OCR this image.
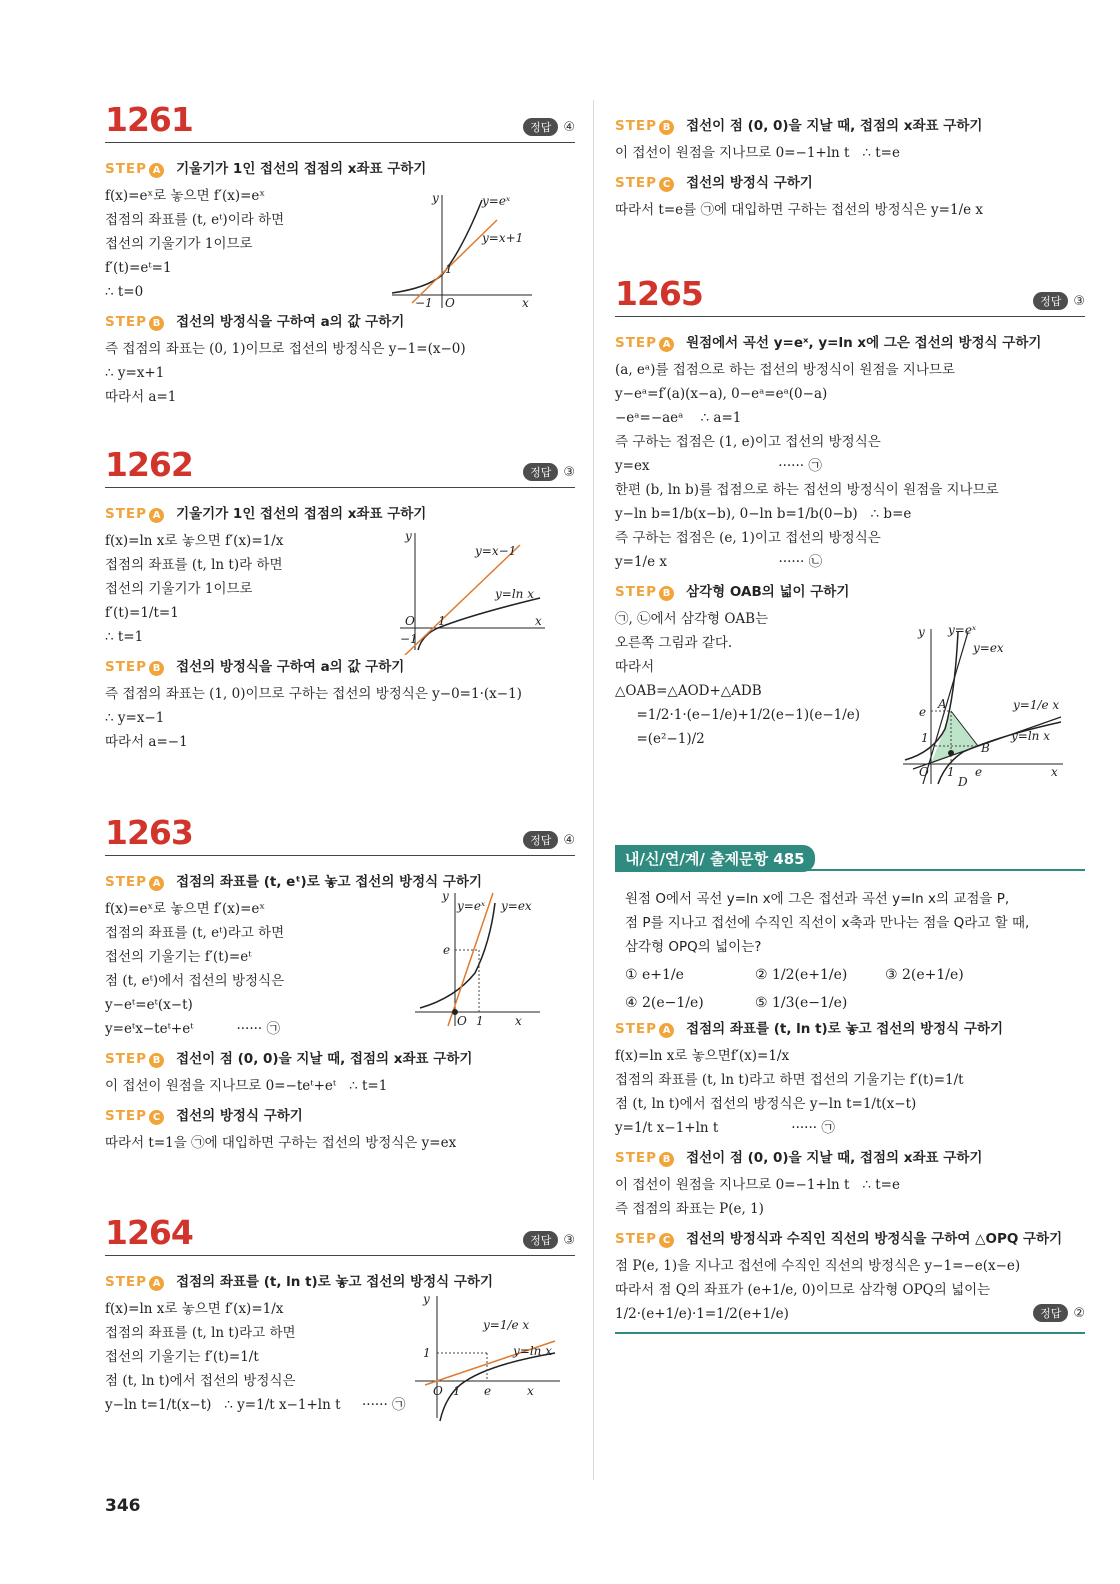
1261	정답 ④
STEP A 기울기가 1인 접선의 접점의 x좌표 구하기
f(x)=eˣ로 놓으면 f′(x)=eˣ
접점의 좌표를 (t, eᵗ)이라 하면
접선의 기울기가 1이므로
f′(t)=eᵗ=1
∴ t=0
STEP B 접선의 방정식을 구하여 a의 값 구하기
즉 접점의 좌표는 (0, 1)이므로 접선의 방정식은 y−1=(x−0)
∴ y=x+1
따라서 a=1
y	y=eˣ
y=x+1
1
−1 O	x
1262	정답 ③
STEP A 기울기가 1인 접선의 접점의 x좌표 구하기
f(x)=ln x로 놓으면 f′(x)=1/x
접점의 좌표를 (t, ln t)라 하면
접선의 기울기가 1이므로
f′(t)=1/t=1
∴ t=1
STEP B 접선의 방정식을 구하여 a의 값 구하기
즉 접점의 좌표는 (1, 0)이므로 구하는 접선의 방정식은 y−0=1·(x−1)
∴ y=x−1
따라서 a=−1
y
y=x−1
y=ln x
O 1
−1
x
1263	정답 ④
STEP A 접점의 좌표를 (t, eᵗ)로 놓고 접선의 방정식 구하기
f(x)=eˣ로 놓으면 f′(x)=eˣ
접점의 좌표를 (t, eᵗ)라고 하면
접선의 기울기는 f′(t)=eᵗ
점 (t, eᵗ)에서 접선의 방정식은
y−eᵗ=eᵗ(x−t)
y=eᵗx−teᵗ+eᵗ          ······ ㉠
STEP B 접선이 점 (0, 0)을 지날 때, 접점의 x좌표 구하기
이 접선이 원점을 지나므로 0=−teᵗ+eᵗ   ∴ t=1
STEP C 접선의 방정식 구하기
따라서 t=1을 ㉠에 대입하면 구하는 접선의 방정식은 y=ex
y
y=eˣ y=ex
e
O 1	x
1264	정답 ③
STEP A 접점의 좌표를 (t, ln t)로 놓고 접선의 방정식 구하기
f(x)=ln x로 놓으면 f′(x)=1/x
접점의 좌표를 (t, ln t)라고 하면
접선의 기울기는 f′(t)=1/t
점 (t, ln t)에서 접선의 방정식은
y−ln t=1/t(x−t)   ∴ y=1/t x−1+ln t     ······ ㉠
y
y=1/e x
y=ln x
1
O 1 e	x
346
STEP B 접선이 점 (0, 0)을 지날 때, 접점의 x좌표 구하기
이 접선이 원점을 지나므로 0=−1+ln t   ∴ t=e
STEP C 접선의 방정식 구하기
따라서 t=e를 ㉠에 대입하면 구하는 접선의 방정식은 y=1/e x
1265	정답 ③
STEP A 원점에서 곡선 y=eˣ, y=ln x에 그은 접선의 방정식 구하기
(a, eᵃ)를 접점으로 하는 접선의 방정식이 원점을 지나므로
y−eᵃ=f′(a)(x−a), 0−eᵃ=eᵃ(0−a)
−eᵃ=−aeᵃ    ∴ a=1
즉 구하는 접점은 (1, e)이고 접선의 방정식은
y=ex                              ······ ㉠
한편 (b, ln b)를 접점으로 하는 접선의 방정식이 원점을 지나므로
y−ln b=1/b(x−b), 0−ln b=1/b(0−b)   ∴ b=e
즉 구하는 접점은 (e, 1)이고 접선의 방정식은
y=1/e x                          ······ ㉡
STEP B 삼각형 OAB의 넓이 구하기
㉠, ㉡에서 삼각형 OAB는
오른쪽 그림과 같다.
따라서
△OAB=△AOD+△ADB
=1/2·1·(e−1/e)+1/2(e−1)(e−1/e)
=(e²−1)/2
y y=eˣ
y=ex
y=1/e x
y=ln x
A
e
1
B
O 1 e
D
x
내/신/연/계/ 출제문항 485
원점 O에서 곡선 y=ln x에 그은 접선과 곡선 y=ln x의 교점을 P,
점 P를 지나고 접선에 수직인 직선이 x축과 만나는 점을 Q라고 할 때,
삼각형 OPQ의 넓이는?
① e+1/e	② 1/2(e+1/e)	③ 2(e+1/e)
④ 2(e−1/e)	⑤ 1/3(e−1/e)
STEP A 접점의 좌표를 (t, ln t)로 놓고 접선의 방정식 구하기
f(x)=ln x로 놓으면f′(x)=1/x
접점의 좌표를 (t, ln t)라고 하면 접선의 기울기는 f′(t)=1/t
점 (t, ln t)에서 접선의 방정식은 y−ln t=1/t(x−t)
y=1/t x−1+ln t                 ······ ㉠
STEP B 접선이 점 (0, 0)을 지날 때, 접점의 x좌표 구하기
이 접선이 원점을 지나므로 0=−1+ln t   ∴ t=e
즉 접점의 좌표는 P(e, 1)
STEP C 접선의 방정식과 수직인 직선의 방정식을 구하여 △OPQ 구하기
점 P(e, 1)을 지나고 접선에 수직인 직선의 방정식은 y−1=−e(x−e)
따라서 점 Q의 좌표가 (e+1/e, 0)이므로 삼각형 OPQ의 넓이는
1/2·(e+1/e)·1=1/2(e+1/e)	정답 ②
